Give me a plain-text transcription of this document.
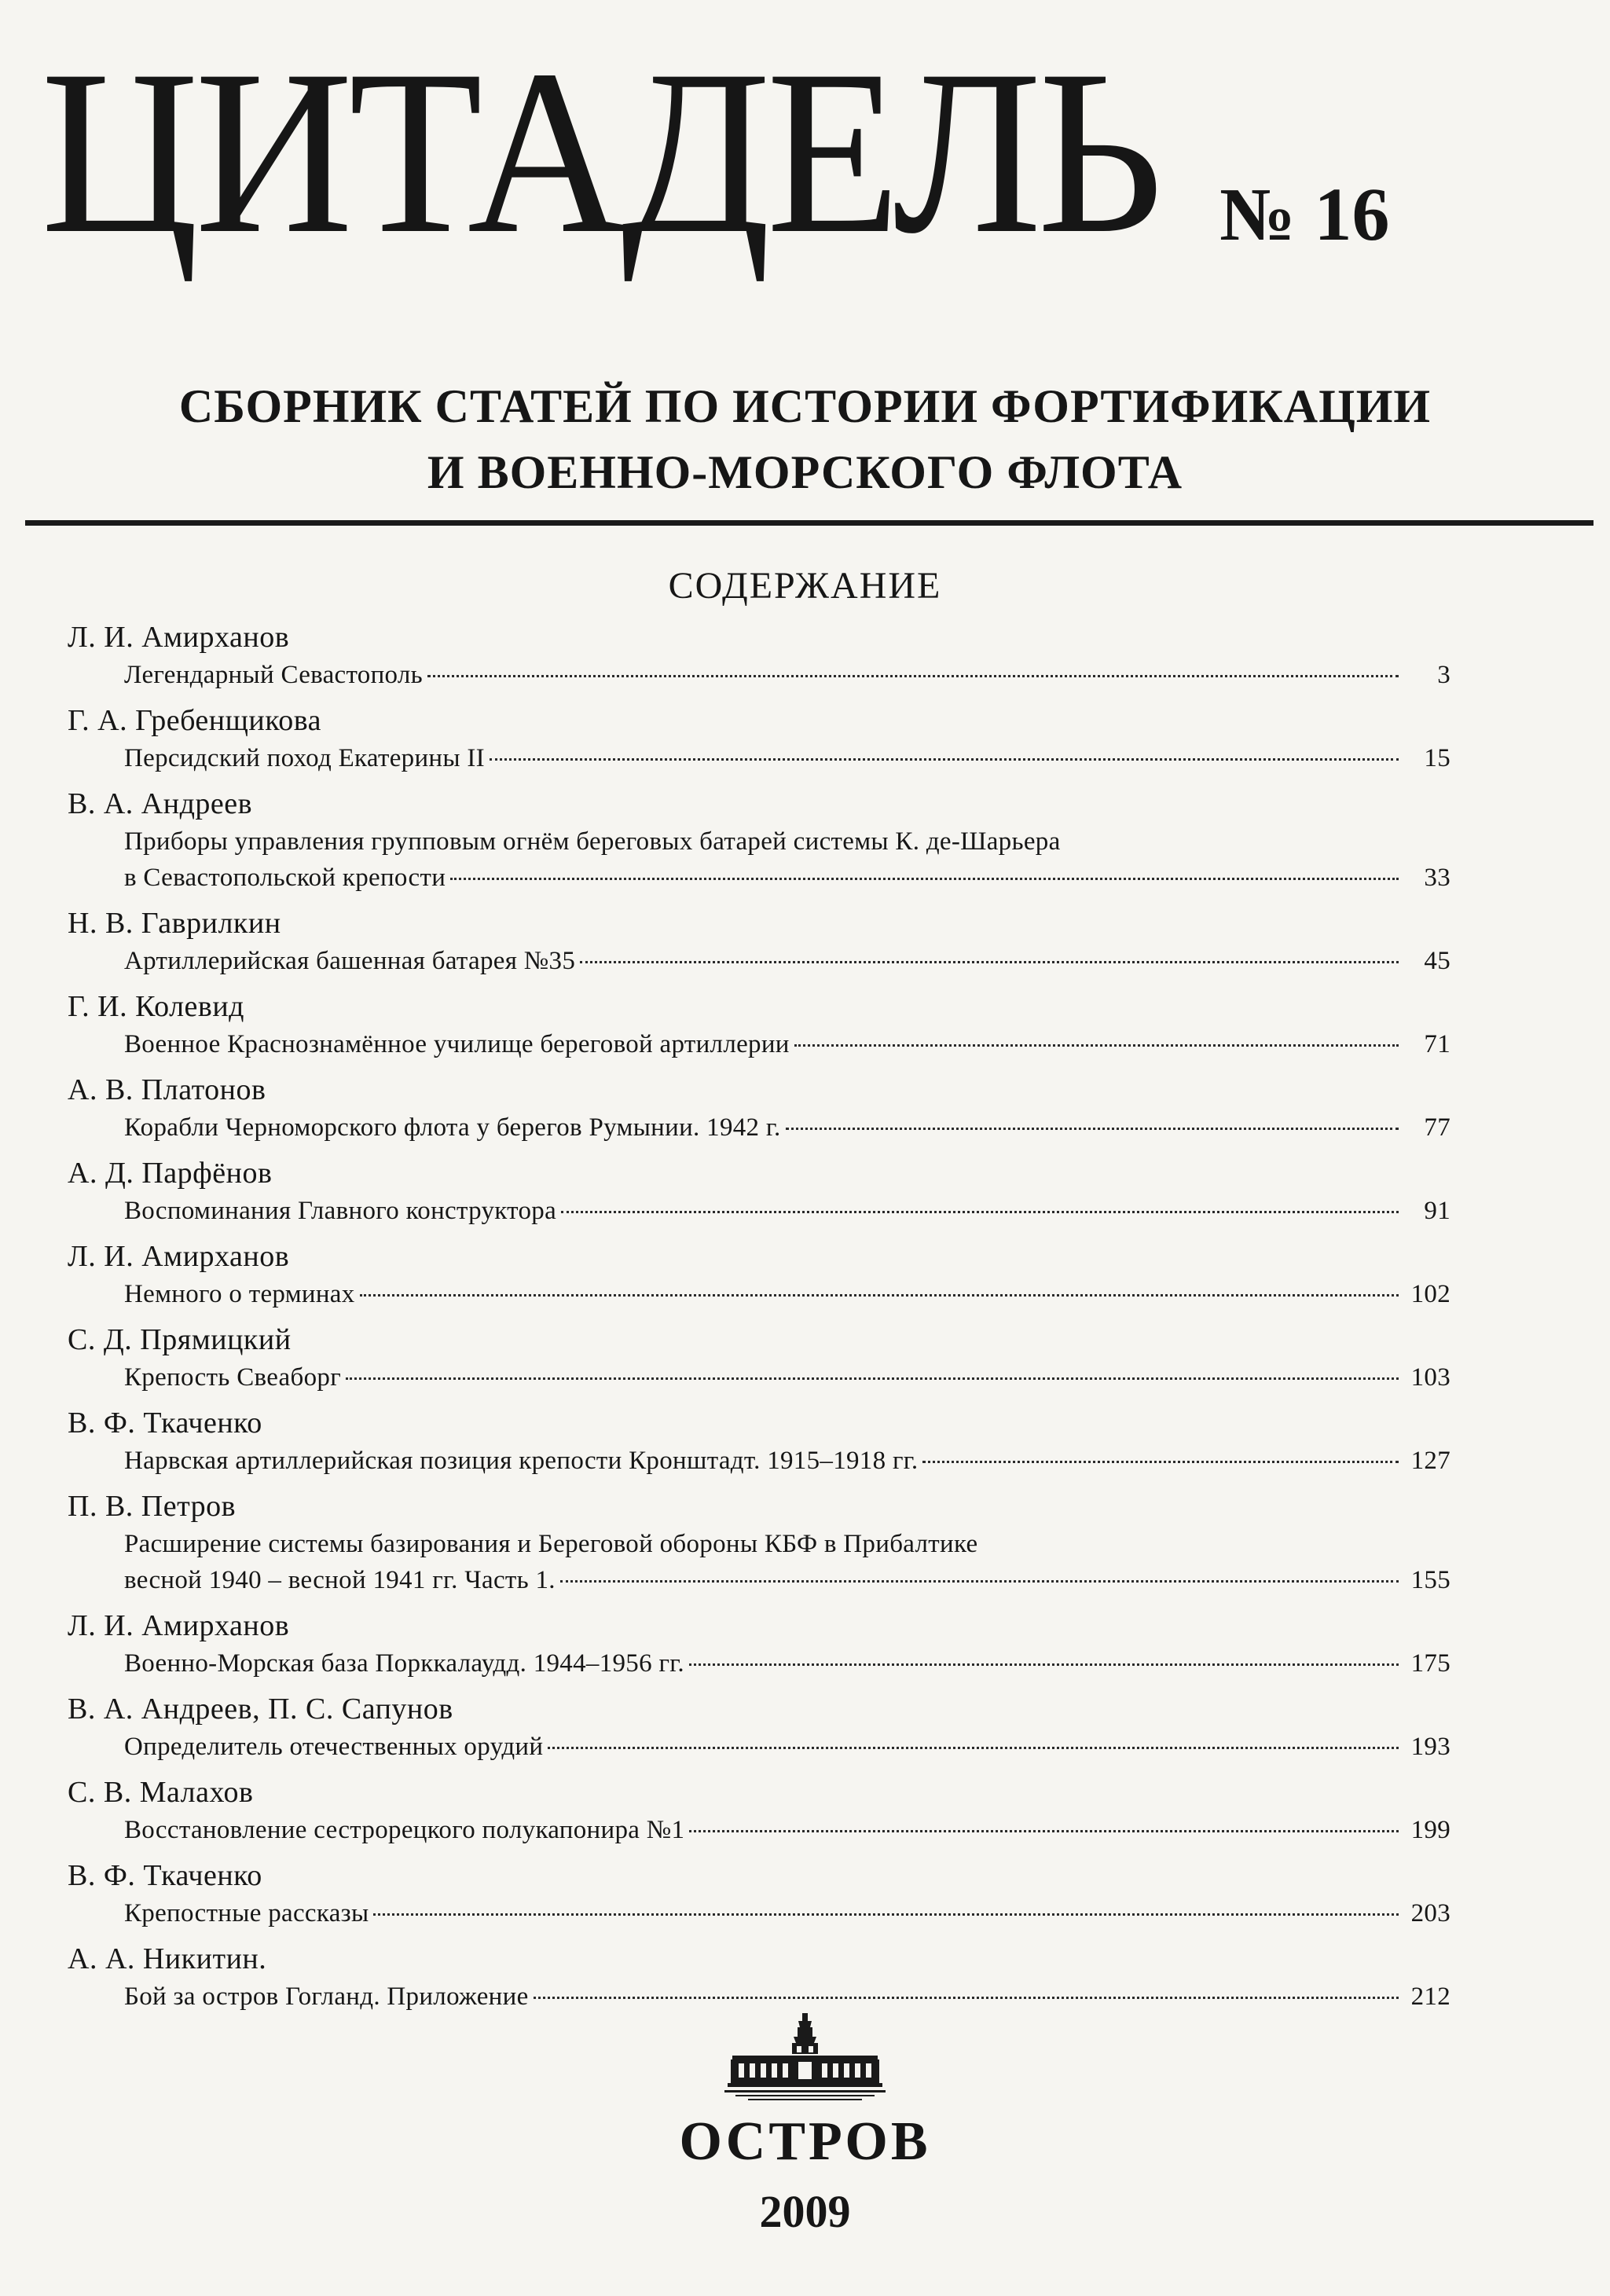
ЦИТАДЕЛЬ № 16
СБОРНИК СТАТЕЙ ПО ИСТОРИИ ФОРТИФИКАЦИИ
И ВОЕННО-МОРСКОГО ФЛОТА
СОДЕРЖАНИЕ
Л. И. Амирханов
Легендарный Севастополь	3
Г. А. Гребенщикова
Персидский поход Екатерины II	15
В. А. Андреев
Приборы управления групповым огнём береговых батарей системы К. де-Шарьера
в Севастопольской крепости	33
Н. В. Гаврилкин
Артиллерийская башенная батарея №35	45
Г. И. Колевид
Военное Краснознамённое училище береговой артиллерии	71
А. В. Платонов
Корабли Черноморского флота у берегов Румынии. 1942 г.	77
А. Д. Парфёнов
Воспоминания Главного конструктора	91
Л. И. Амирханов
Немного о терминах	102
С. Д. Прямицкий
Крепость Свеаборг	103
В. Ф. Ткаченко
Нарвская артиллерийская позиция крепости Кронштадт. 1915–1918 гг.	127
П. В. Петров
Расширение системы базирования и Береговой обороны КБФ в Прибалтике
весной 1940 – весной 1941 гг. Часть 1.	155
Л. И. Амирханов
Военно-Морская база Порккалаудд. 1944–1956 гг.	175
В. А. Андреев, П. С. Сапунов
Определитель отечественных орудий	193
С. В. Малахов
Восстановление сестрорецкого полукапонира №1	199
В. Ф. Ткаченко
Крепостные рассказы	203
А. А. Никитин.
Бой за остров Гогланд. Приложение	212
ОСТРОВ
2009
